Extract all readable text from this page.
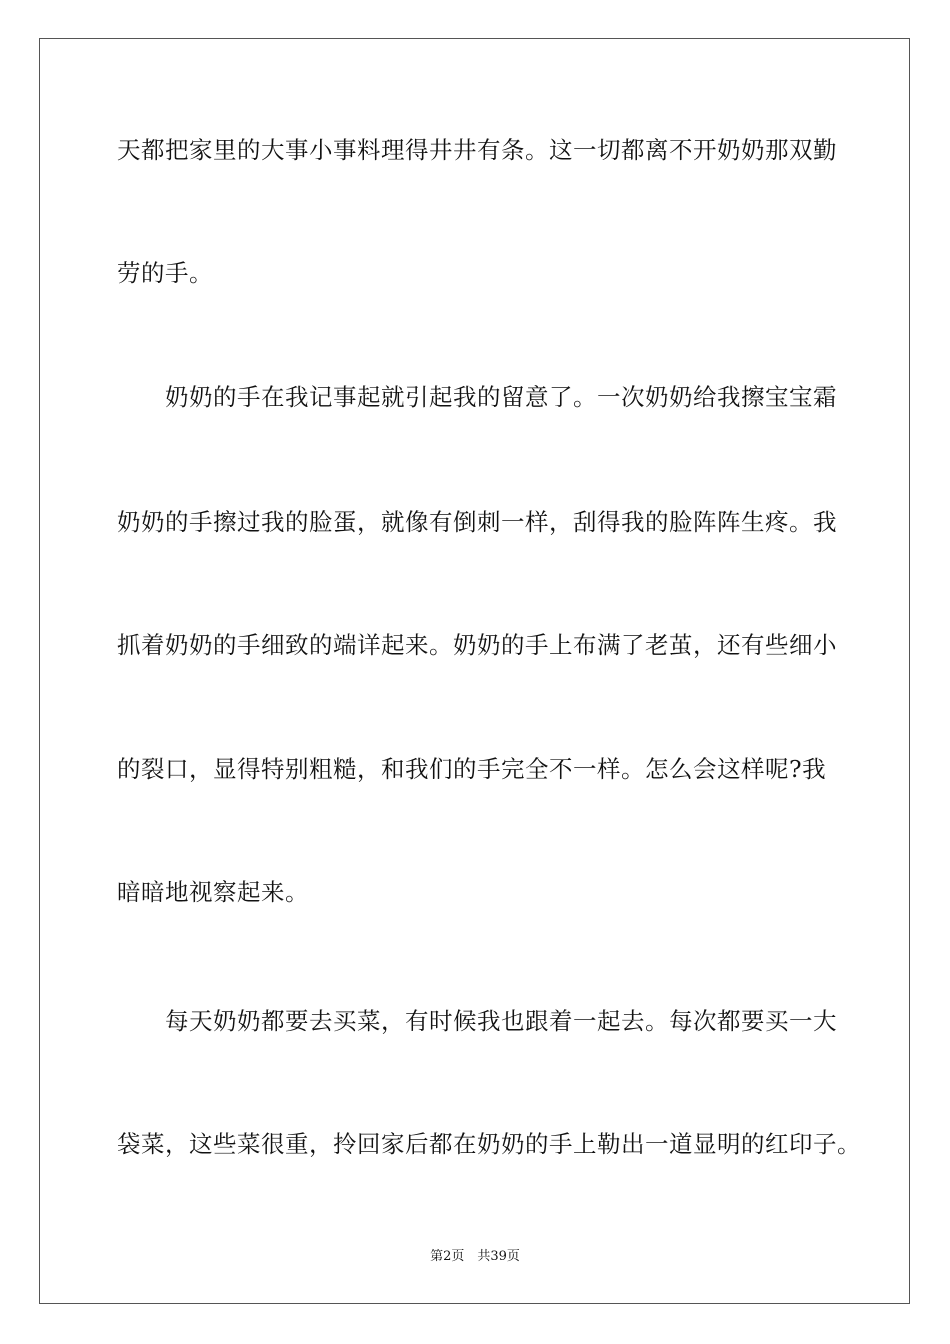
天都把家里的大事小事料理得井井有条。这一切都离不开奶奶那双勤
劳的手。
　　奶奶的手在我记事起就引起我的留意了。一次奶奶给我擦宝宝霜
奶奶的手擦过我的脸蛋，就像有倒刺一样，刮得我的脸阵阵生疼。我
抓着奶奶的手细致的端详起来。奶奶的手上布满了老茧，还有些细小
的裂口，显得特别粗糙，和我们的手完全不一样。怎么会这样呢?我
暗暗地视察起来。
　　每天奶奶都要去买菜，有时候我也跟着一起去。每次都要买一大
袋菜，这些菜很重，拎回家后都在奶奶的手上勒出一道显明的红印子。
第2页　共39页
